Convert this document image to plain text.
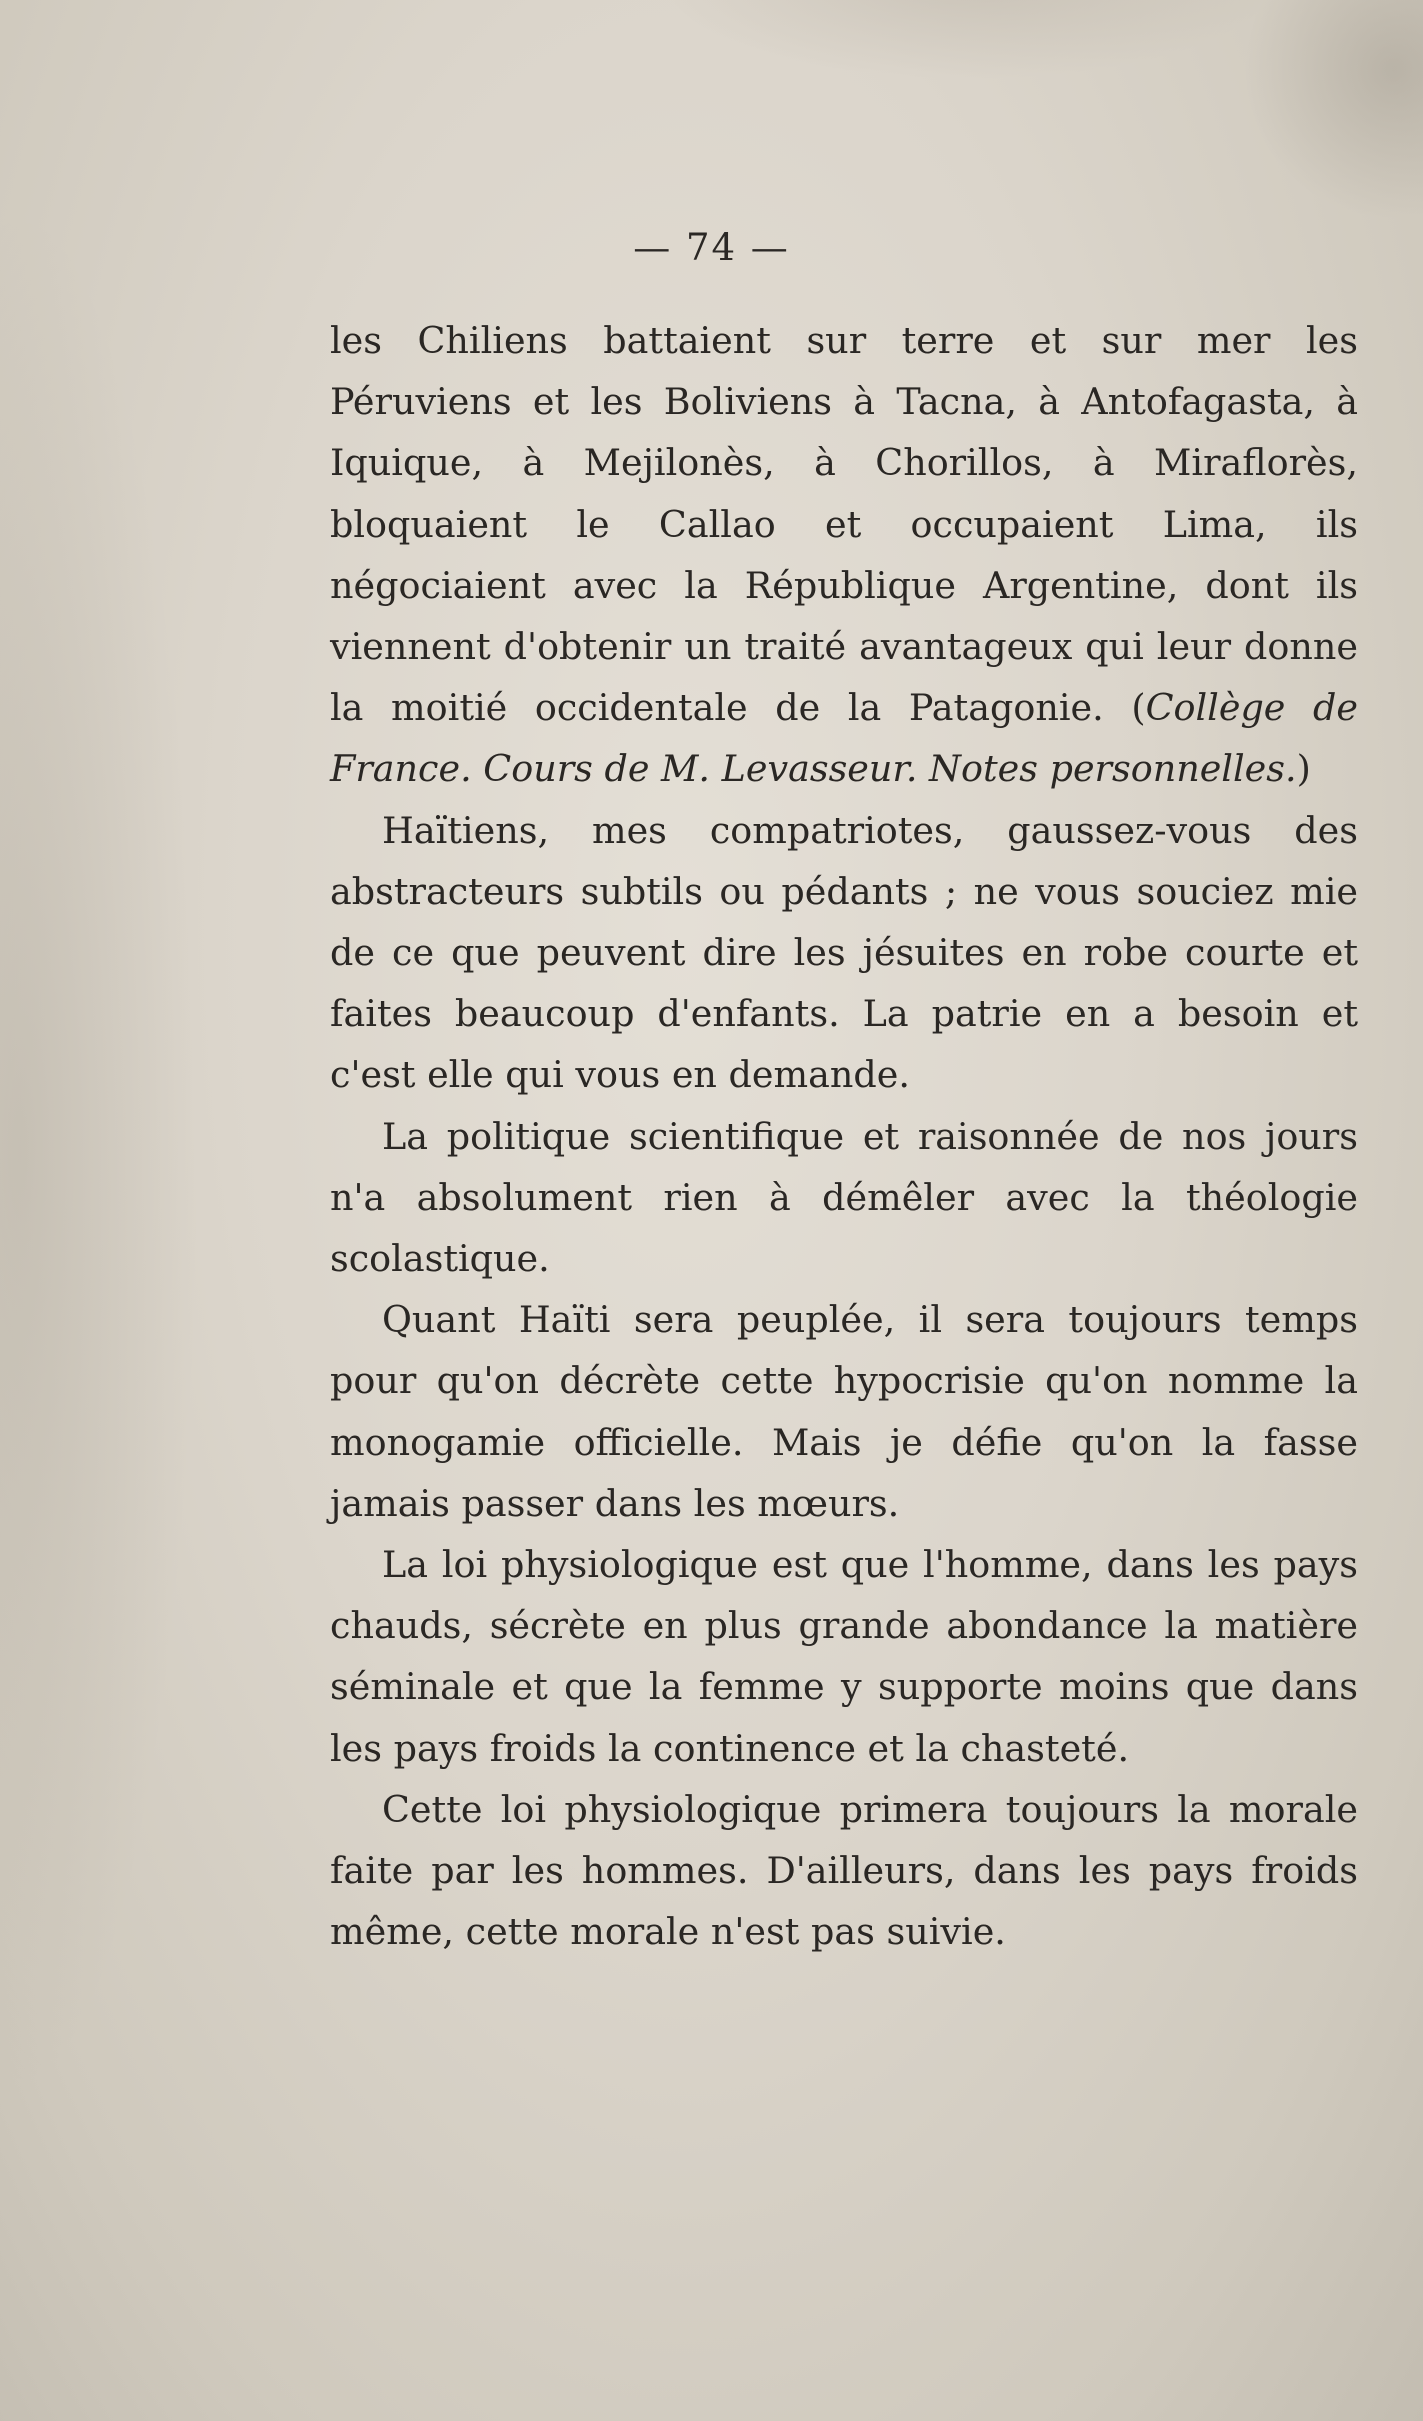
— 74 —

les Chiliens battaient sur terre et sur mer les Péruviens et les Boliviens à Tacna, à Antofagasta, à Iquique, à Mejilonès, à Chorillos, à Miraflorès, bloquaient le Callao et occupaient Lima, ils négociaient avec la République Argentine, dont ils viennent d'obtenir un traité avantageux qui leur donne la moitié occidentale de la Patagonie. (Collège de France. Cours de M. Levasseur. Notes personnelles.)

Haïtiens, mes compatriotes, gaussez-vous des abstracteurs subtils ou pédants ; ne vous souciez mie de ce que peuvent dire les jésuites en robe courte et faites beaucoup d'enfants. La patrie en a besoin et c'est elle qui vous en demande.

La politique scientifique et raisonnée de nos jours n'a absolument rien à démêler avec la théologie scolastique.

Quant Haïti sera peuplée, il sera toujours temps pour qu'on décrète cette hypocrisie qu'on nomme la monogamie officielle. Mais je défie qu'on la fasse jamais passer dans les mœurs.

La loi physiologique est que l'homme, dans les pays chauds, sécrète en plus grande abondance la matière séminale et que la femme y supporte moins que dans les pays froids la continence et la chasteté.

Cette loi physiologique primera toujours la morale faite par les hommes. D'ailleurs, dans les pays froids même, cette morale n'est pas suivie.
